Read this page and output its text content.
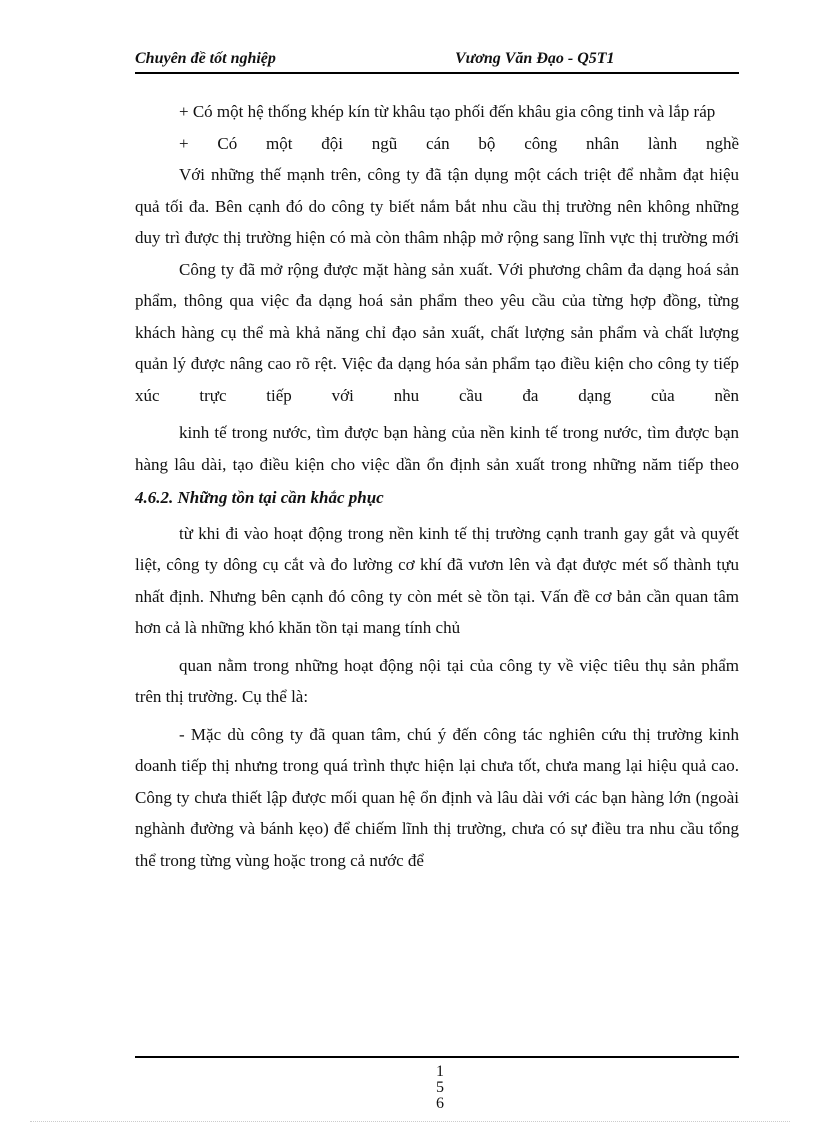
Chuyên đề tốt nghiệp	Vương Văn Đạo - Q5T1

+ Có một hệ thống khép kín từ khâu tạo phối đến khâu gia công tinh và lắp ráp

+ Có một đội ngũ cán bộ công nhân lành nghề

Với những thế mạnh trên, công ty đã tận dụng một cách triệt để nhằm đạt hiệu quả tối đa. Bên cạnh đó do công ty biết nắm bắt nhu cầu thị trường nên không những duy trì được thị trường hiện có mà còn thâm nhập mở rộng sang lĩnh vực thị trường mới

Công ty đã mở rộng được mặt hàng sản xuất. Với phương châm đa dạng hoá sản phẩm, thông qua việc đa dạng hoá sản phẩm theo yêu cầu của từng hợp đồng, từng khách hàng cụ thể mà khả năng chỉ đạo sản xuất, chất lượng sản phẩm và chất lượng quản lý được nâng cao rõ rệt. Việc đa dạng hóa sản phẩm tạo điều kiện cho công ty tiếp xúc trực tiếp với nhu cầu đa dạng của nền

kinh tế trong nước, tìm được bạn hàng của nền kinh tế trong nước, tìm được bạn hàng lâu dài, tạo điều kiện cho việc dần ổn định sản xuất trong những năm tiếp theo

4.6.2. Những tồn tại cần khắc phục

từ khi đi vào hoạt động trong nền kinh tế thị trường cạnh tranh gay gắt và quyết liệt, công ty dông cụ cắt và đo lường cơ khí đã vươn lên và đạt được mét số thành tựu nhất định. Nhưng bên cạnh đó công ty còn mét sè tồn tại. Vấn đề cơ bản cần quan tâm hơn cả là những khó khăn tồn tại mang tính chủ

quan nằm trong những hoạt động nội tại của công ty về việc tiêu thụ sản phẩm trên thị trường. Cụ thể là:

- Mặc dù công ty đã quan tâm, chú ý đến công tác nghiên cứu thị trường kinh doanh tiếp thị nhưng trong quá trình thực hiện lại chưa tốt, chưa mang lại hiệu quả cao. Công ty chưa thiết lập được mối quan hệ ổn định và lâu dài với các bạn hàng lớn (ngoài nghành đường và bánh kẹo) để chiếm lĩnh thị trường, chưa có sự điều tra nhu cầu tổng thể trong từng vùng hoặc trong cả nước để

1
5
6
